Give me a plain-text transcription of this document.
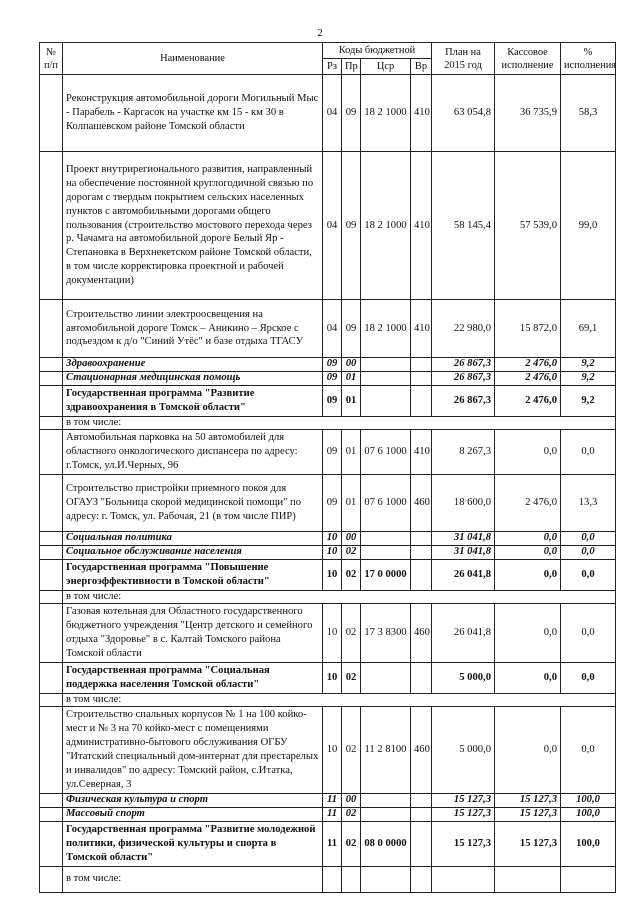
2
№ п/п	Наименование	Коды бюджетной				План на 2015 год	Кассовое исполнение	% исполнения
		Рз	Пр	Цср	Вр			
	Реконструкция автомобильной дороги Могильный Мыс - Парабель - Каргасок на участке км 15 - км 30 в Колпашевском районе Томской области	04	09	18 2 1000	410	63 054,8	36 735,9	58,3
	Проект внутрирегионального развития, направленный на обеспечение постоянной круглогодичной связью по дорогам с твердым покрытием сельских населенных пунктов с автомобильными дорогами общего пользования (строительство мостового перехода через р. Чачамга на автомобильной дороге Белый Яр - Степановка в Верхнекетском районе Томской области, в том числе корректировка проектной и рабочей документации)	04	09	18 2 1000	410	58 145,4	57 539,0	99,0
	Строительство линии электроосвещения на автомобильной дороге Томск – Аникино – Ярское с подъездом к д/о "Синий Утёс" и базе отдыха ТГАСУ	04	09	18 2 1000	410	22 980,0	15 872,0	69,1
	Здравоохранение	09	00			26 867,3	2 476,0	9,2
	Стационарная медицинская помощь	09	01			26 867,3	2 476,0	9,2
	Государственная программа "Развитие здравоохранения в Томской области"	09	01			26 867,3	2 476,0	9,2
	в том числе:							
	Автомобильная парковка на 50 автомобилей для областного онкологического диспансера по адресу: г.Томск, ул.И.Черных, 96	09	01	07 6 1000	410	8 267,3	0,0	0,0
	Строительство пристройки приемного покоя для ОГАУЗ "Больница скорой медицинской помощи" по адресу: г. Томск, ул. Рабочая, 21 (в том числе ПИР)	09	01	07 6 1000	460	18 600,0	2 476,0	13,3
	Социальная политика	10	00			31 041,8	0,0	0,0
	Социальное обслуживание населения	10	02			31 041,8	0,0	0,0
	Государственная программа "Повышение энергоэффективности в Томской области"	10	02	17 0 0000		26 041,8	0,0	0,0
	в том числе:							
	Газовая котельная для Областного государственного бюджетного учреждения "Центр детского и семейного отдыха "Здоровье" в с. Калтай Томского района Томской области	10	02	17 3 8300	460	26 041,8	0,0	0,0
	Государственная программа "Социальная поддержка населения Томской области"	10	02			5 000,0	0,0	0,0
	в том числе:							
	Строительство спальных корпусов № 1 на 100 койко-мест и № 3 на 70 койко-мест с помещениями административно-бытового обслуживания ОГБУ "Итатский специальный дом-интернат для престарелых и инвалидов" по адресу: Томский район, с.Итатка, ул.Северная, 3	10	02	11 2 8100	460	5 000,0	0,0	0,0
	Физическая культура и спорт	11	00			15 127,3	15 127,3	100,0
	Массовый спорт	11	02			15 127,3	15 127,3	100,0
	Государственная программа "Развитие молодежной политики, физической культуры и спорта в Томской области"	11	02	08 0 0000		15 127,3	15 127,3	100,0
	в том числе:							
